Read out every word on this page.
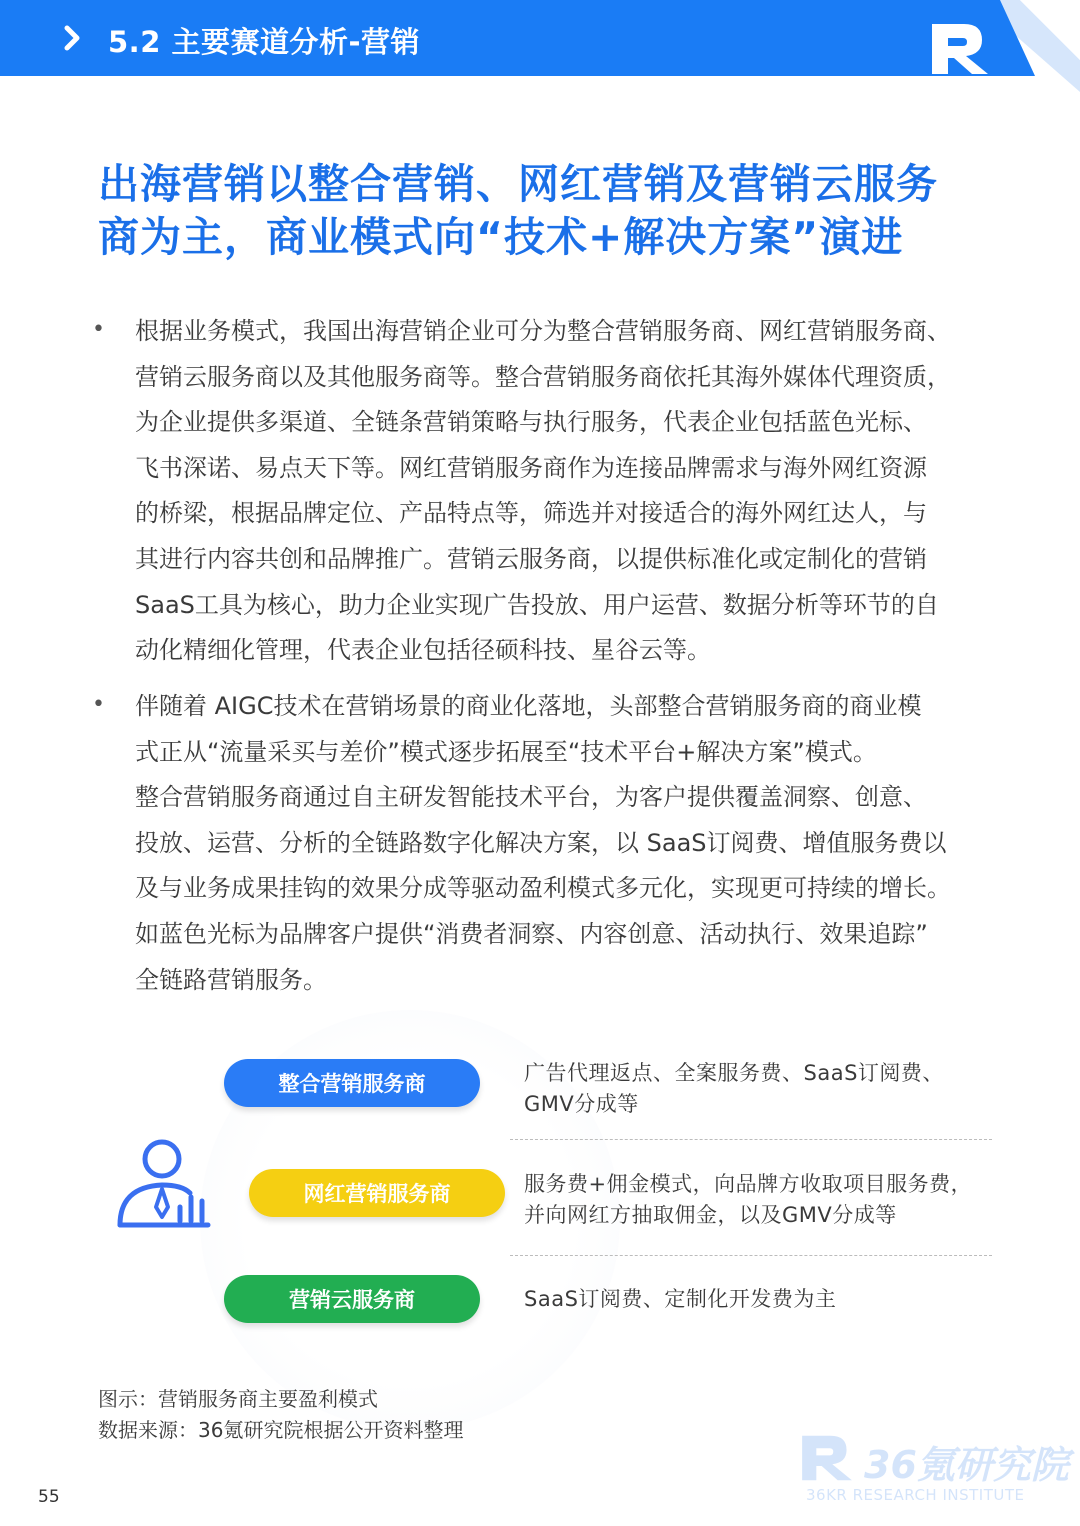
5.2 主要赛道分析-营销
出海营销以整合营销、网红营销及营销云服务
商为主，商业模式向“技术+解决方案”演进
• 根据业务模式，我国出海营销企业可分为整合营销服务商、网红营销服务商、
营销云服务商以及其他服务商等。整合营销服务商依托其海外媒体代理资质，
为企业提供多渠道、全链条营销策略与执行服务，代表企业包括蓝色光标、
飞书深诺、易点天下等。网红营销服务商作为连接品牌需求与海外网红资源
的桥梁，根据品牌定位、产品特点等，筛选并对接适合的海外网红达人，与
其进行内容共创和品牌推广。营销云服务商，以提供标准化或定制化的营销
SaaS工具为核心，助力企业实现广告投放、用户运营、数据分析等环节的自
动化精细化管理，代表企业包括径硕科技、星谷云等。
• 伴随着 AIGC技术在营销场景的商业化落地，头部整合营销服务商的商业模
式正从“流量采买与差价”模式逐步拓展至“技术平台+解决方案”模式。
整合营销服务商通过自主研发智能技术平台，为客户提供覆盖洞察、创意、
投放、运营、分析的全链路数字化解决方案，以 SaaS订阅费、增值服务费以
及与业务成果挂钩的效果分成等驱动盈利模式多元化，实现更可持续的增长。
如蓝色光标为品牌客户提供“消费者洞察、内容创意、活动执行、效果追踪”
全链路营销服务。
整合营销服务商	广告代理返点、全案服务费、SaaS订阅费、
GMV分成等
网红营销服务商	服务费+佣金模式，向品牌方收取项目服务费，
并向网红方抽取佣金，以及GMV分成等
营销云服务商	SaaS订阅费、定制化开发费为主
图示：营销服务商主要盈利模式
数据来源：36氪研究院根据公开资料整理
36氪研究院
36KR RESEARCH INSTITUTE
55
